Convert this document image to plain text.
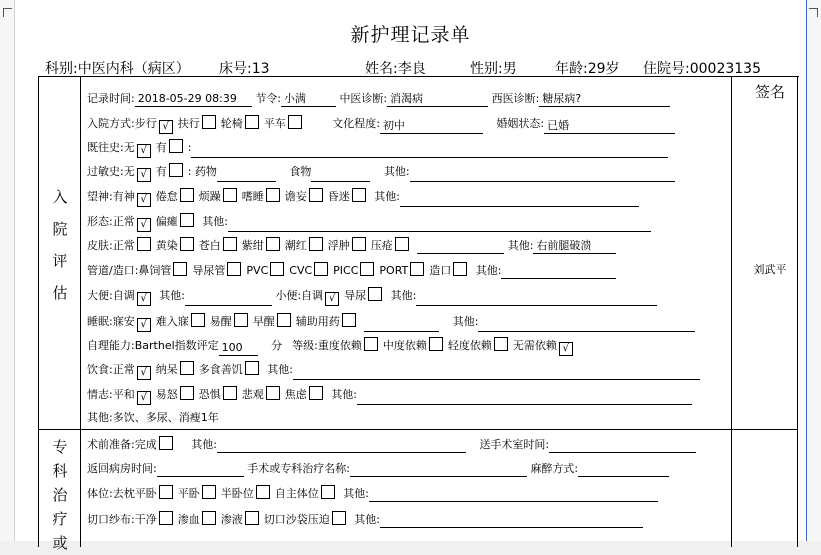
新护理记录单
科别:中医内科（病区） 床号:13	姓名:李良	性别:男	年龄:29岁 住院号:00023135
入
院
评
估
专
科
治
疗
或
签名
刘武平
记录时间: 2018-05-29 08:39 节令: 小满	中医诊断: 消渴病	西医诊断: 糖尿病?
入院方式:步行 √ 扶行 轮椅 平车	文化程度: 初中	婚姻状态: 已婚
既往史:无 √ 有 :
过敏史:无 √ 有 : 药物	食物	其他:
望神:有神 √ 倦怠 烦躁 嗜睡 谵妄 昏迷 其他:
形态:正常 √ 偏瘫 其他:
皮肤:正常 黄染 苍白 紫绀 潮红 浮肿 压疮	其他: 右前腿破溃
管道/造口:鼻饲管 导尿管 PVC CVC PICC PORT 造口 其他:
大便:自调 √ 其他:	小便:自调 √ 导尿 其他:
睡眠:寐安 √ 难入寐 易醒 早醒 辅助用药	其他:
自理能力:Barthel指数评定 100	分 等级:重度依赖 中度依赖 轻度依赖 无需依赖 √
饮食:正常 √ 纳呆 多食善饥 其他:
情志:平和 √ 易怒 恐惧 悲观 焦虑 其他:
其他:多饮、多尿、消瘦1年
术前准备:完成	其他:	送手术室时间:
返回病房时间:	手术或专科治疗名称:	麻醉方式:
体位:去枕平卧 平卧 半卧位 自主体位 其他:
切口纱布:干净 渗血 渗液 切口沙袋压迫 其他:
